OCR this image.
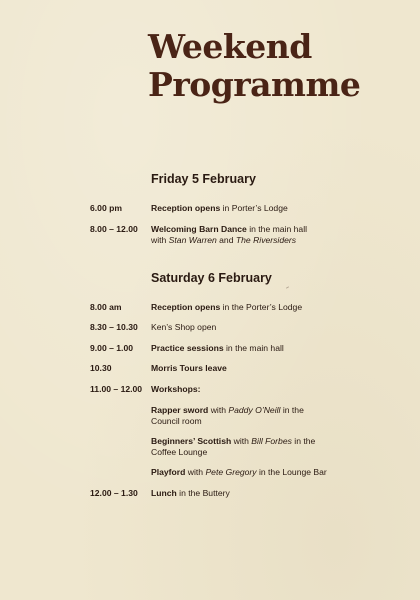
Weekend
Programme
Friday 5 February
6.00 pm	Reception opens in Porter’s Lodge
8.00 – 12.00	Welcoming Barn Dance in the main hall
with Stan Warren and The Riversiders
Saturday 6 February
8.00 am	Reception opens in the Porter’s Lodge
8.30 – 10.30	Ken’s Shop open
9.00 – 1.00	Practice sessions in the main hall
10.30	Morris Tours leave
11.00 – 12.00	Workshops:
Rapper sword with Paddy O’Neill in the
Council room
Beginners’ Scottish with Bill Forbes in the
Coffee Lounge
Playford with Pete Gregory in the Lounge Bar
12.00 – 1.30	Lunch in the Buttery
